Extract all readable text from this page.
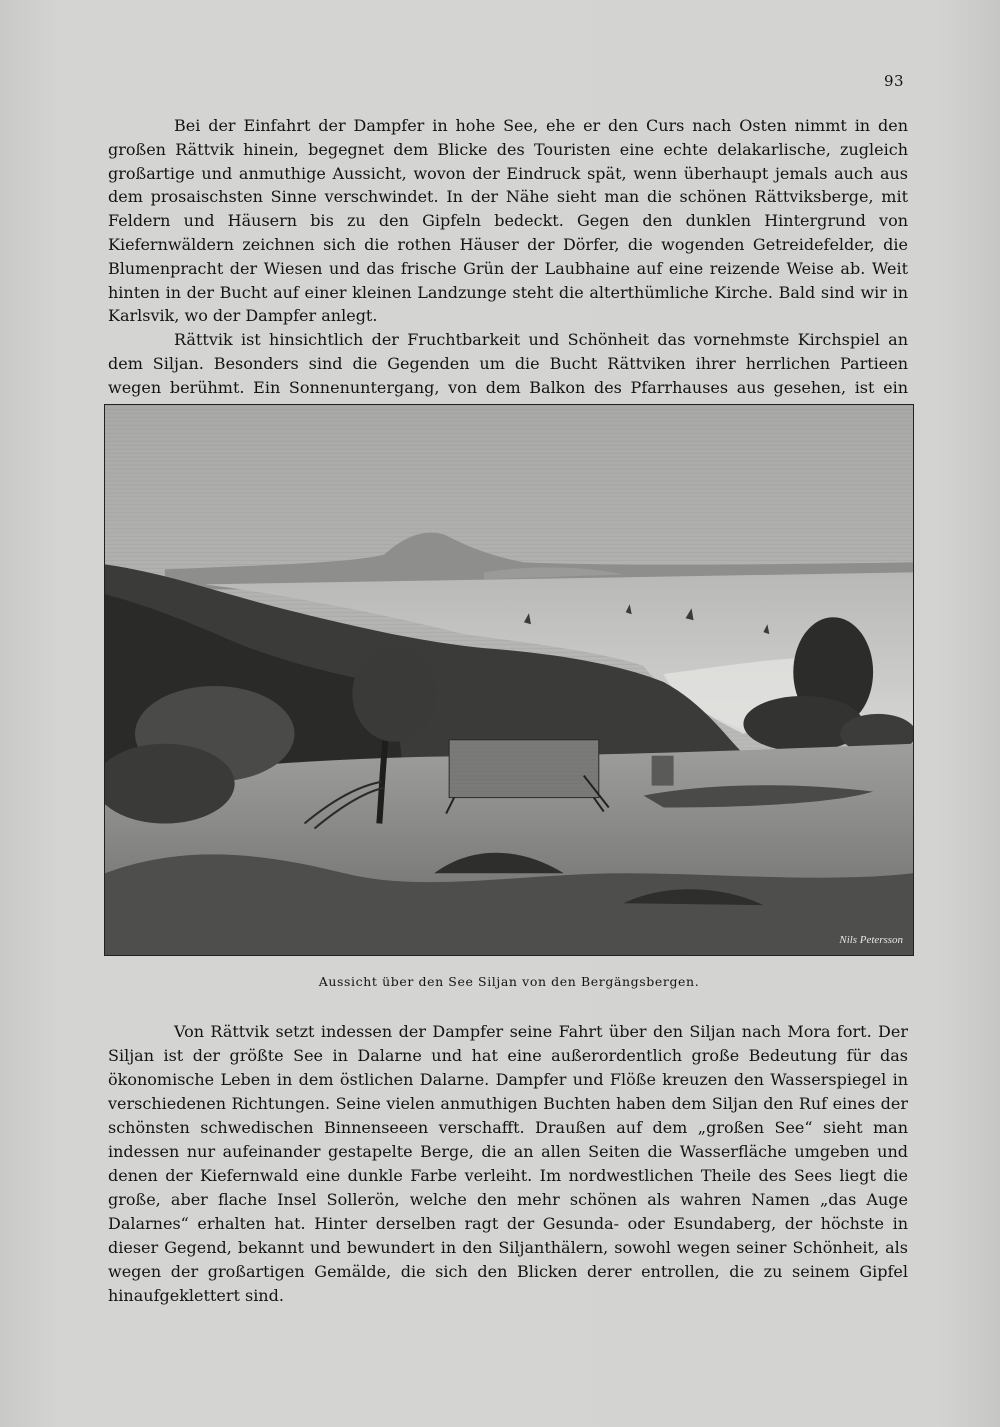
93

Bei der Einfahrt der Dampfer in hohe See, ehe er den Curs nach Osten nimmt in den großen Rättvik hinein, begegnet dem Blicke des Touristen eine echte delakarlische, zugleich großartige und anmuthige Aussicht, wovon der Eindruck spät, wenn überhaupt jemals auch aus dem prosaischsten Sinne verschwindet. In der Nähe sieht man die schönen Rättviksberge, mit Feldern und Häusern bis zu den Gipfeln bedeckt. Gegen den dunklen Hintergrund von Kiefernwäldern zeichnen sich die rothen Häuser der Dörfer, die wogenden Getreidefelder, die Blumenpracht der Wiesen und das frische Grün der Laubhaine auf eine reizende Weise ab. Weit hinten in der Bucht auf einer kleinen Landzunge steht die alterthümliche Kirche. Bald sind wir in Karlsvik, wo der Dampfer anlegt.

Rättvik ist hinsichtlich der Fruchtbarkeit und Schönheit das vornehmste Kirchspiel an dem Siljan. Besonders sind die Gegenden um die Bucht Rättviken ihrer herrlichen Partieen wegen berühmt. Ein Sonnenuntergang, von dem Balkon des Pfarrhauses aus gesehen, ist ein

Nils Petersson
Aussicht über den See Siljan von den Bergängsbergen.

Von Rättvik setzt indessen der Dampfer seine Fahrt über den Siljan nach Mora fort. Der Siljan ist der größte See in Dalarne und hat eine außerordentlich große Bedeutung für das ökonomische Leben in dem östlichen Dalarne. Dampfer und Flöße kreuzen den Wasserspiegel in verschiedenen Richtungen. Seine vielen anmuthigen Buchten haben dem Siljan den Ruf eines der schönsten schwedischen Binnenseeen verschafft. Draußen auf dem „großen See“ sieht man indessen nur aufeinander gestapelte Berge, die an allen Seiten die Wasserfläche umgeben und denen der Kiefernwald eine dunkle Farbe verleiht. Im nordwestlichen Theile des Sees liegt die große, aber flache Insel Sollerön, welche den mehr schönen als wahren Namen „das Auge Dalarnes“ erhalten hat. Hinter derselben ragt der Gesunda- oder Esundaberg, der höchste in dieser Gegend, bekannt und bewundert in den Siljanthälern, sowohl wegen seiner Schönheit, als wegen der großartigen Gemälde, die sich den Blicken derer entrollen, die zu seinem Gipfel hinaufgeklettert sind.
